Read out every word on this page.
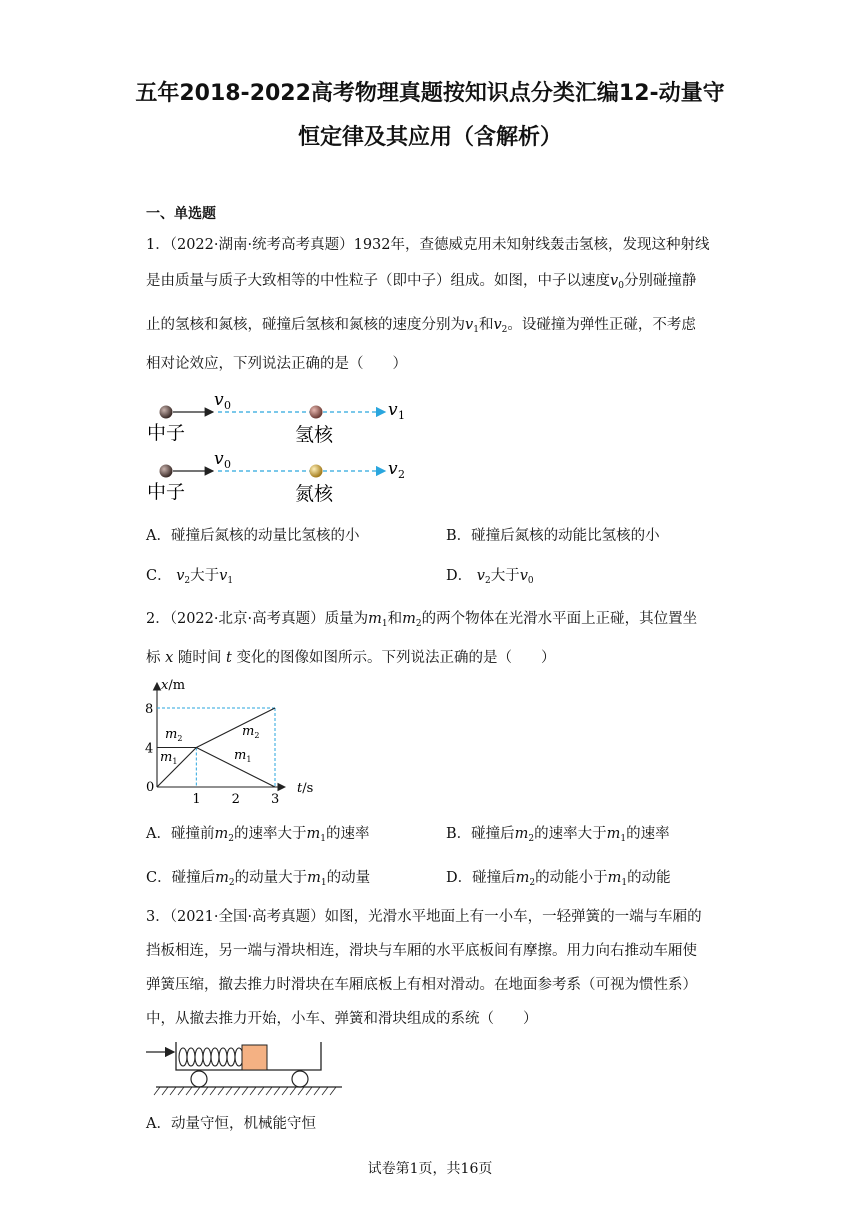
五年2018-2022高考物理真题按知识点分类汇编12-动量守
恒定律及其应用（含解析）
一、单选题
1．（2022·湖南·统考高考真题）1932年，查德威克用未知射线轰击氢核，发现这种射线
是由质量与质子大致相等的中性粒子（即中子）组成。如图，中子以速度$v_0$分别碰撞静
止的氢核和氮核，碰撞后氢核和氮核的速度分别为$v_1$和$v_2$。设碰撞为弹性正碰，不考虑
相对论效应，下列说法正确的是（　　）
v 0	v 1
中子	氢核
v 0	v 2
中子	氮核
A．碰撞后氮核的动量比氢核的小	B．碰撞后氮核的动能比氢核的小
C． $v_2$大于$v_1$	D． $v_2$大于$v_0$
2．（2022·北京·高考真题）质量为$m_1$和$m_2$的两个物体在光滑水平面上正碰，其位置坐
标 x 随时间 t 变化的图像如图所示。下列说法正确的是（　　）
x/m
t/s
0
1 2 3
4
8
$m_2$
$m_1$
$m_2$
$m_1$
A．碰撞前$m_2$的速率大于$m_1$的速率	B．碰撞后$m_2$的速率大于$m_1$的速率
C．碰撞后$m_2$的动量大于$m_1$的动量	D．碰撞后$m_2$的动能小于$m_1$的动能
3．（2021·全国·高考真题）如图，光滑水平地面上有一小车，一轻弹簧的一端与车厢的
挡板相连，另一端与滑块相连，滑块与车厢的水平底板间有摩擦。用力向右推动车厢使
弹簧压缩，撤去推力时滑块在车厢底板上有相对滑动。在地面参考系（可视为惯性系）
中，从撤去推力开始，小车、弹簧和滑块组成的系统（　　）
A．动量守恒，机械能守恒
试卷第1页，共16页
